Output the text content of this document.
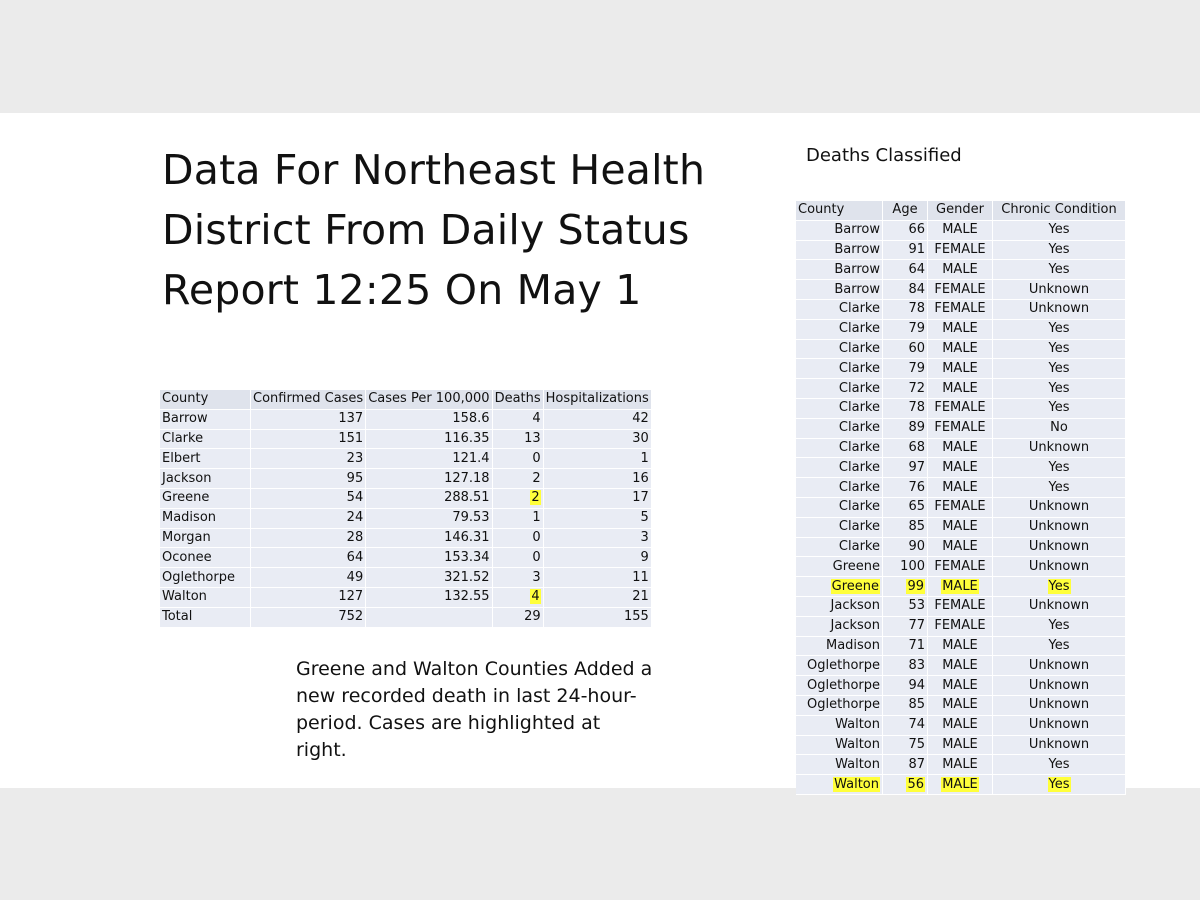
Data For Northeast Health District From Daily Status Report 12:25 On May 1
County	Confirmed Cases	Cases Per 100,000	Deaths	Hospitalizations
Barrow	137	158.6	4	42
Clarke	151	116.35	13	30
Elbert	23	121.4	0	1
Jackson	95	127.18	2	16
Greene	54	288.51	2	17
Madison	24	79.53	1	5
Morgan	28	146.31	0	3
Oconee	64	153.34	0	9
Oglethorpe	49	321.52	3	11
Walton	127	132.55	4	21
Total	752		29	155
Greene and Walton Counties Added a new recorded death in last 24-hour-period. Cases are highlighted at right.
Deaths Classified
County	Age	Gender	Chronic Condition
Barrow	66	MALE	Yes
Barrow	91	FEMALE	Yes
Barrow	64	MALE	Yes
Barrow	84	FEMALE	Unknown
Clarke	78	FEMALE	Unknown
Clarke	79	MALE	Yes
Clarke	60	MALE	Yes
Clarke	79	MALE	Yes
Clarke	72	MALE	Yes
Clarke	78	FEMALE	Yes
Clarke	89	FEMALE	No
Clarke	68	MALE	Unknown
Clarke	97	MALE	Yes
Clarke	76	MALE	Yes
Clarke	65	FEMALE	Unknown
Clarke	85	MALE	Unknown
Clarke	90	MALE	Unknown
Greene	100	FEMALE	Unknown
Greene	99	MALE	Yes
Jackson	53	FEMALE	Unknown
Jackson	77	FEMALE	Yes
Madison	71	MALE	Yes
Oglethorpe	83	MALE	Unknown
Oglethorpe	94	MALE	Unknown
Oglethorpe	85	MALE	Unknown
Walton	74	MALE	Unknown
Walton	75	MALE	Unknown
Walton	87	MALE	Yes
Walton	56	MALE	Yes
